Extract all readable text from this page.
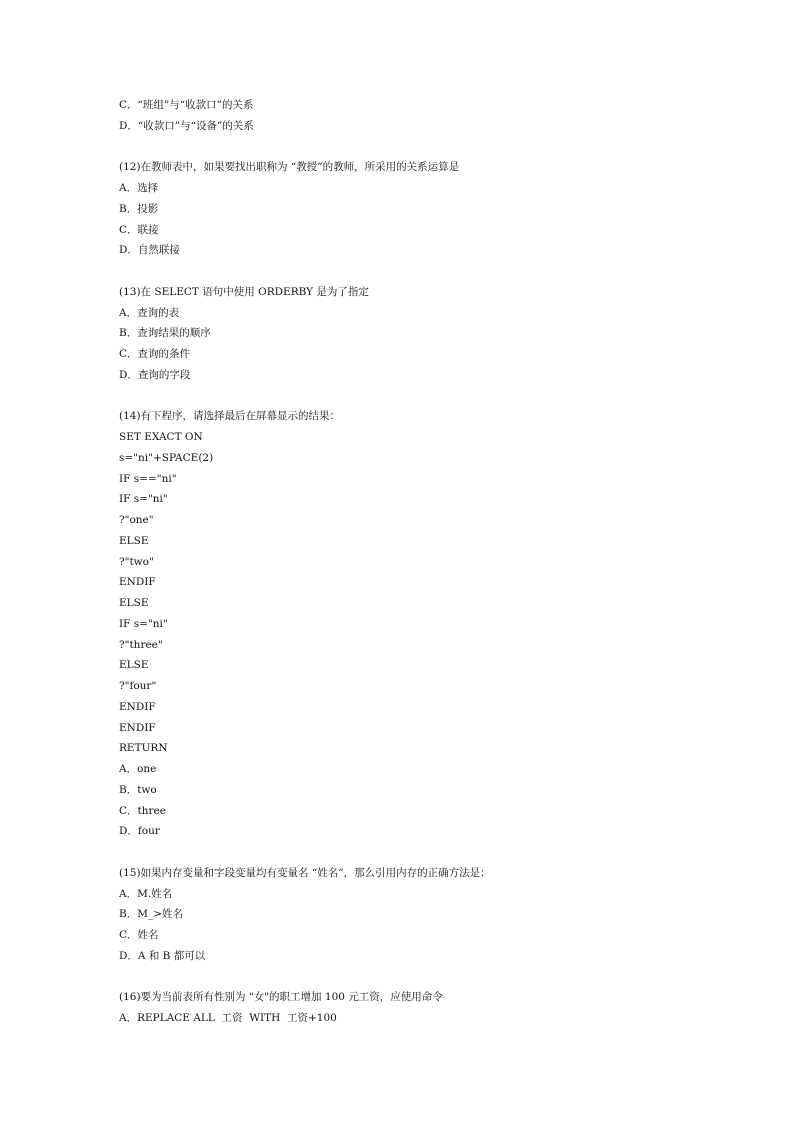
C．“班组”与“收款口”的关系
D．“收款口”与“设备”的关系
(12)在教师表中，如果要找出职称为 “教授”的教师，所采用的关系运算是
A．选择
B．投影
C．联接
D．自然联接
(13)在 SELECT 语句中使用 ORDERBY 是为了指定
A．查询的表
B．查询结果的顺序
C．查询的条件
D．查询的字段
(14)有下程序，请选择最后在屏幕显示的结果：
SET EXACT ON
s="ni"+SPACE(2)
IF s=="ni"
IF s="ni"
?"one"
ELSE
?"two"
ENDIF
ELSE
IF s="ni"
?"three"
ELSE
?"four"
ENDIF
ENDIF
RETURN
A．one
B．two
C．three
D．four
(15)如果内存变量和字段变量均有变量名 “姓名”，那么引用内存的正确方法是：
A．M.姓名
B．M_>姓名
C．姓名
D．A 和 B 都可以
(16)要为当前表所有性别为 "女"的职工增加 100 元工资，应使用命令
A．REPLACE ALL  工资  WITH  工资+100
